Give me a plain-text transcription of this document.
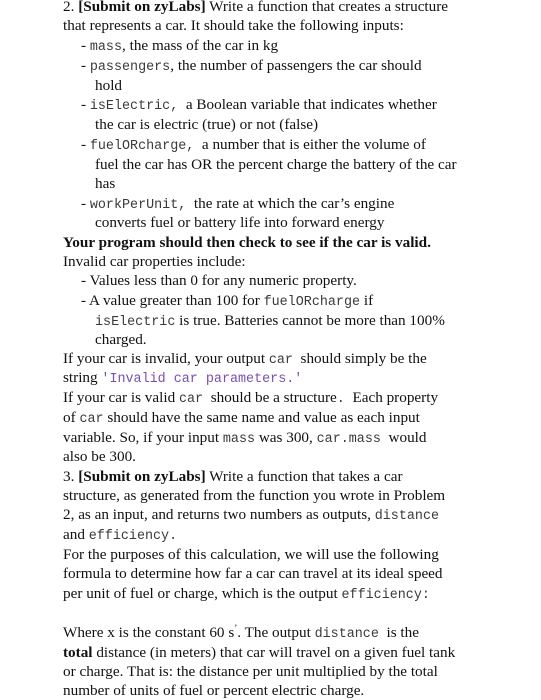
2. [Submit on zyLabs] Write a function that creates a structure
that represents a car. It should take the following inputs:
- mass, the mass of the car in kg
- passengers, the number of passengers the car should
hold
- isElectric,  a Boolean variable that indicates whether
the car is electric (true) or not (false)
- fuelORcharge,  a number that is either the volume of
fuel the car has OR the percent charge the battery of the car
has
- workPerUnit,  the rate at which the car’s engine
converts fuel or battery life into forward energy
Your program should then check to see if the car is valid.
Invalid car properties include:
- Values less than 0 for any numeric property.
- A value greater than 100 for fuelORcharge if
isElectric is true. Batteries cannot be more than 100%
charged.
If your car is invalid, your output car  should simply be the
string 'Invalid car parameters.'
If your car is valid car  should be a structure.  Each property
of car should have the same name and value as each input
variable. So, if your input mass was 300, car.mass  would
also be 300.
3. [Submit on zyLabs] Write a function that takes a car
structure, as generated from the function you wrote in Problem
2, as an input, and returns two numbers as outputs, distance
and efficiency.
For the purposes of this calculation, we will use the following
formula to determine how far a car can travel at its ideal speed
per unit of fuel or charge, which is the output efficiency:
Where x is the constant 60 s’. The output distance  is the
total distance (in meters) that car will travel on a given fuel tank
or charge. That is: the distance per unit multiplied by the total
number of units of fuel or percent electric charge.
